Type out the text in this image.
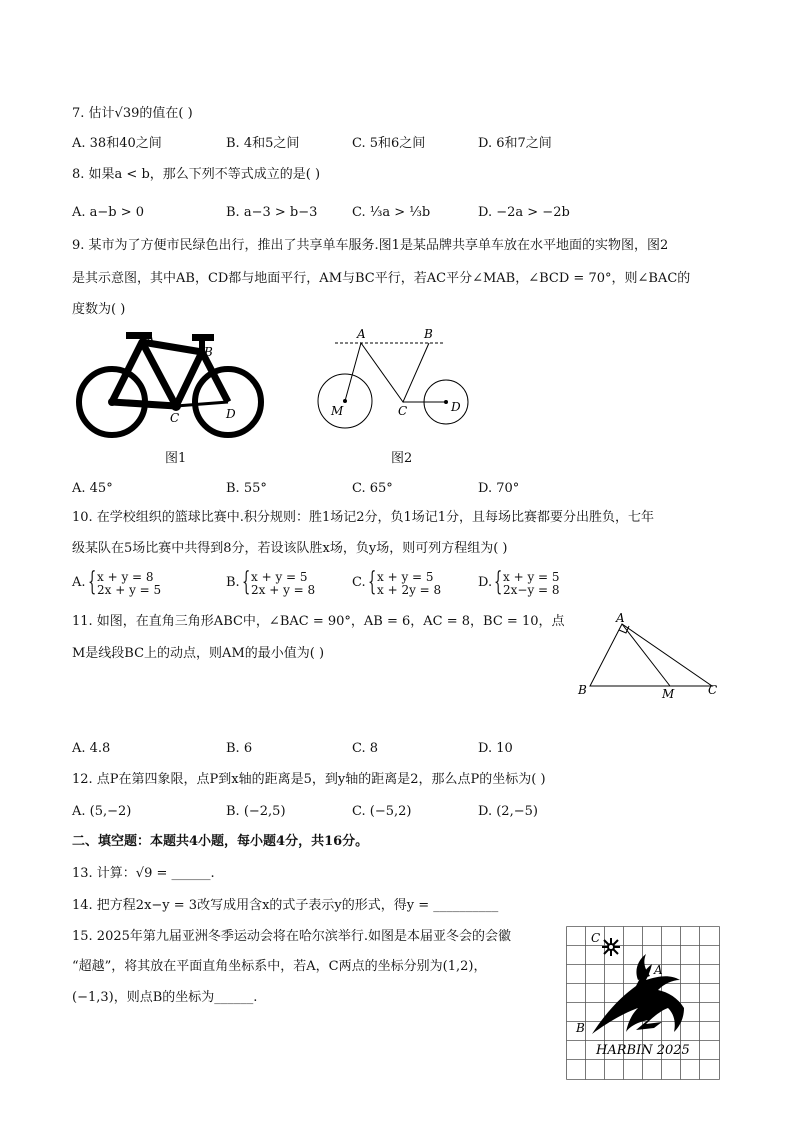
7. 估计√39的值在( )
A. 38和40之间	B. 4和5之间	C. 5和6之间	D. 6和7之间
8. 如果a < b，那么下列不等式成立的是( )
A. a−b > 0	B. a−3 > b−3	C. ⅓a > ⅓b	D. −2a > −2b
9. 某市为了方便市民绿色出行，推出了共享单车服务.图1是某品牌共享单车放在水平地面的实物图，图2
是其示意图，其中AB，CD都与地面平行，AM与BC平行，若AC平分∠MAB，∠BCD = 70°，则∠BAC的
度数为( )
A
B
C	D
图1
A	B
C	D
M
图2
A. 45°	B. 55°	C. 65°	D. 70°
10. 在学校组织的篮球比赛中.积分规则：胜1场记2分，负1场记1分，且每场比赛都要分出胜负，七年
级某队在5场比赛中共得到8分，若设该队胜x场，负y场，则可列方程组为( )
A. { x + y = 8
2x + y = 5	B. { x + y = 5
2x + y = 8	C. { x + y = 5
x + 2y = 8	D. { x + y = 5
2x−y = 8
11. 如图，在直角三角形ABC中，∠BAC = 90°，AB = 6，AC = 8，BC = 10，点
M是线段BC上的动点，则AM的最小值为( )
A
B	C
M
A. 4.8	B. 6	C. 8	D. 10
12. 点P在第四象限，点P到x轴的距离是5，到y轴的距离是2，那么点P的坐标为( )
A. (5,−2)	B. (−2,5)	C. (−5,2)	D. (2,−5)
二、填空题：本题共4小题，每小题4分，共16分。
13. 计算：√9 = ______.
14. 把方程2x−y = 3改写成用含x的式子表示y的形式，得y = __________
15. 2025年第九届亚洲冬季运动会将在哈尔滨举行.如图是本届亚冬会的会徽
“超越”，将其放在平面直角坐标系中，若A，C两点的坐标分别为(1,2)，
(−1,3)，则点B的坐标为______.
C
A
B
HARBIN 2025
